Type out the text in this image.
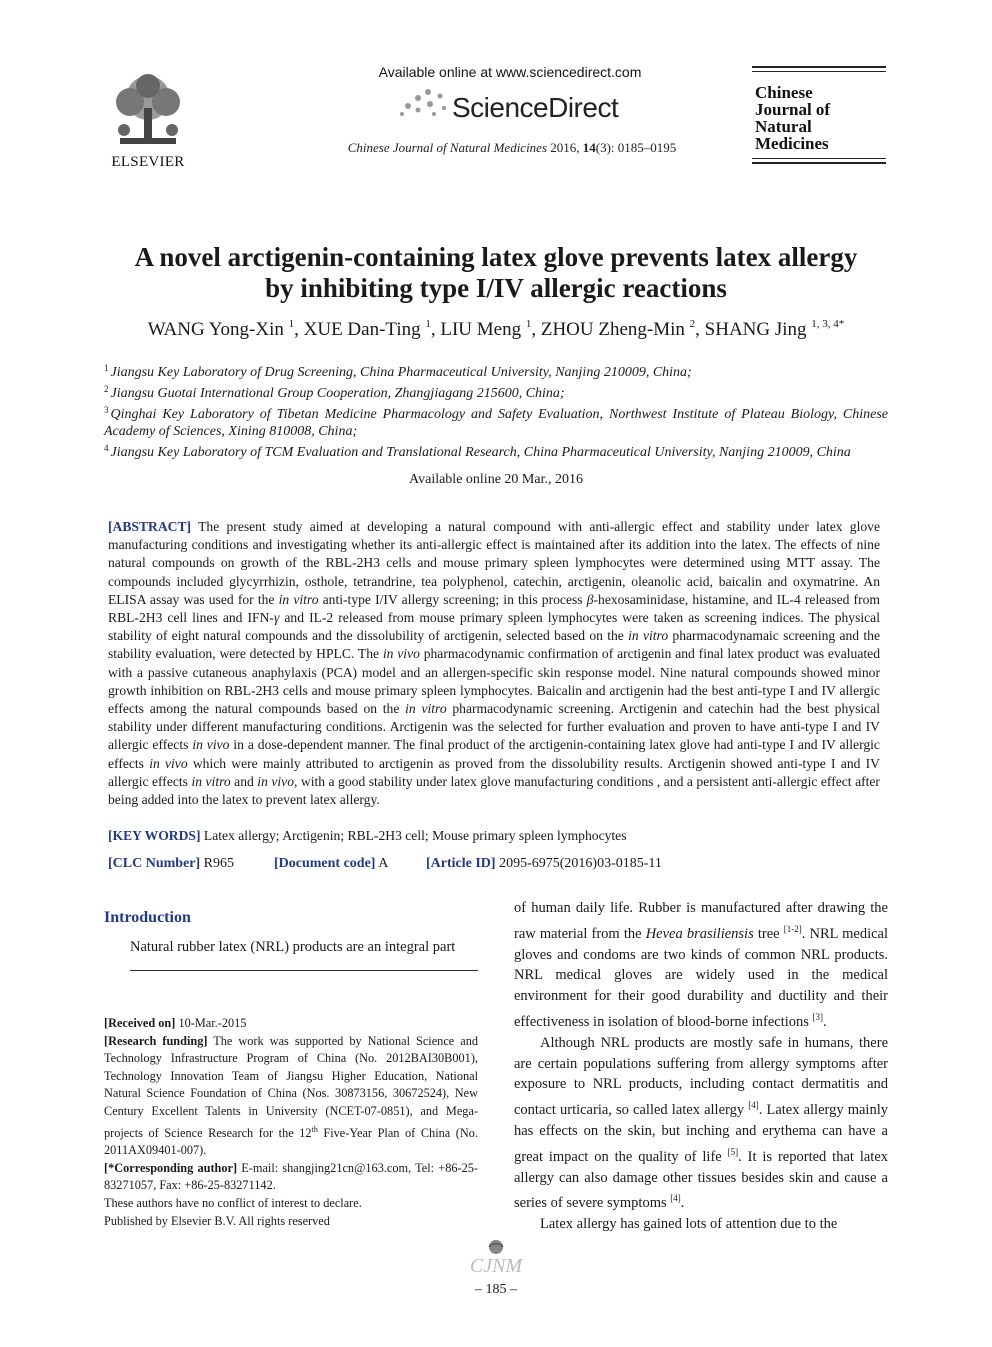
ELSEVIER
Available online at www.sciencedirect.com
ScienceDirect
Chinese Journal of Natural Medicines 2016, 14(3): 0185–0195
Chinese
Journal of
Natural
Medicines
A novel arctigenin-containing latex glove prevents latex allergy
by inhibiting type I/IV allergic reactions
WANG Yong-Xin $^1$, XUE Dan-Ting $^1$, LIU Meng $^1$, ZHOU Zheng-Min $^2$, SHANG Jing $^{1, 3, 4*}$
$^1$ Jiangsu Key Laboratory of Drug Screening, China Pharmaceutical University, Nanjing 210009, China;
$^2$ Jiangsu Guotai International Group Cooperation, Zhangjiagang 215600, China;
$^3$ Qinghai Key Laboratory of Tibetan Medicine Pharmacology and Safety Evaluation, Northwest Institute of Plateau Biology, Chinese Academy of Sciences, Xining 810008, China;
$^4$ Jiangsu Key Laboratory of TCM Evaluation and Translational Research, China Pharmaceutical University, Nanjing 210009, China
Available online 20 Mar., 2016
[ABSTRACT] The present study aimed at developing a natural compound with anti-allergic effect and stability under latex glove manufacturing conditions and investigating whether its anti-allergic effect is maintained after its addition into the latex. The effects of nine natural compounds on growth of the RBL-2H3 cells and mouse primary spleen lymphocytes were determined using MTT assay. The compounds included glycyrrhizin, osthole, tetrandrine, tea polyphenol, catechin, arctigenin, oleanolic acid, baicalin and oxymatrine. An ELISA assay was used for the in vitro anti-type I/IV allergy screening; in this process β-hexosaminidase, histamine, and IL-4 released from RBL-2H3 cell lines and IFN-γ and IL-2 released from mouse primary spleen lymphocytes were taken as screening indices. The physical stability of eight natural compounds and the dissolubility of arctigenin, selected based on the in vitro pharmacodynamaic screening and the stability evaluation, were detected by HPLC. The in vivo pharmacodynamic confirmation of arctigenin and final latex product was evaluated with a passive cutaneous anaphylaxis (PCA) model and an allergen-specific skin response model. Nine natural compounds showed minor growth inhibition on RBL-2H3 cells and mouse primary spleen lymphocytes. Baicalin and arctigenin had the best anti-type I and IV allergic effects among the natural compounds based on the in vitro pharmacodynamic screening. Arctigenin and catechin had the best physical stability under different manufacturing conditions. Arctigenin was the selected for further evaluation and proven to have anti-type I and IV allergic effects in vivo in a dose-dependent manner. The final product of the arctigenin-containing latex glove had anti-type I and IV allergic effects in vivo which were mainly attributed to arctigenin as proved from the dissolubility results. Arctigenin showed anti-type I and IV allergic effects in vitro and in vivo, with a good stability under latex glove manufacturing conditions , and a persistent anti-allergic effect after being added into the latex to prevent latex allergy.
[KEY WORDS] Latex allergy; Arctigenin; RBL-2H3 cell; Mouse primary spleen lymphocytes
[CLC Number] R965	[Document code] A	[Article ID] 2095-6975(2016)03-0185-11
Introduction
Natural rubber latex (NRL) products are an integral part
[Received on] 10-Mar.-2015
[Research funding] The work was supported by National Science and Technology Infrastructure Program of China (No. 2012BAI30B001), Technology Innovation Team of Jiangsu Higher Education, National Natural Science Foundation of China (Nos. 30873156, 30672524), New Century Excellent Talents in University (NCET-07-0851), and Mega-projects of Science Research for the 12th Five-Year Plan of China (No. 2011AX09401-007).
[*Corresponding author] E-mail: shangjing21cn@163.com, Tel: +86-25-83271057, Fax: +86-25-83271142.
These authors have no conflict of interest to declare.
Published by Elsevier B.V. All rights reserved

of human daily life. Rubber is manufactured after drawing the raw material from the Hevea brasiliensis tree [1-2]. NRL medical gloves and condoms are two kinds of common NRL products. NRL medical gloves are widely used in the medical environment for their good durability and ductility and their effectiveness in isolation of blood-borne infections [3].

Although NRL products are mostly safe in humans, there are certain populations suffering from allergy symptoms after exposure to NRL products, including contact dermatitis and contact urticaria, so called latex allergy [4]. Latex allergy mainly has effects on the skin, but inching and erythema can have a great impact on the quality of life [5]. It is reported that latex allergy can also damage other tissues besides skin and cause a series of severe symptoms [4].

Latex allergy has gained lots of attention due to the

CJNM
– 185 –
